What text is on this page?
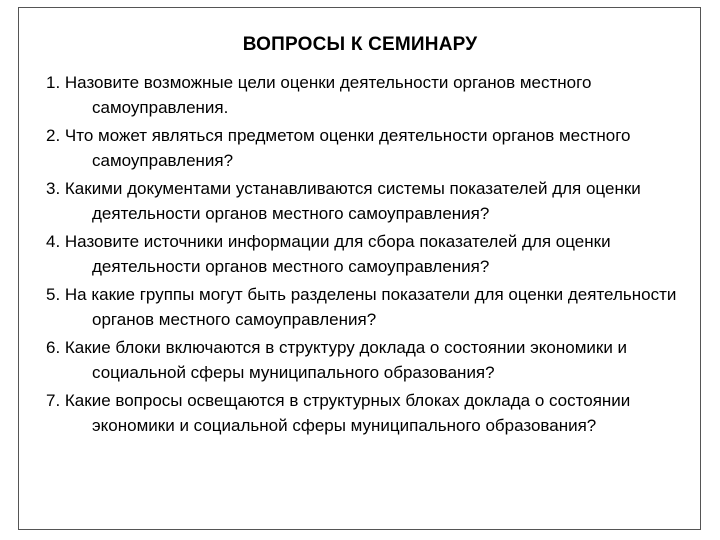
ВОПРОСЫ К СЕМИНАРУ
1. Назовите возможные цели оценки деятельности органов местного самоуправления.
2. Что может являться предметом оценки деятельности органов местного самоуправления?
3. Какими документами устанавливаются системы показателей для оценки деятельности органов местного самоуправления?
4. Назовите источники информации для сбора показателей для оценки деятельности органов местного самоуправления?
5. На какие группы могут быть разделены показатели для оценки деятельности органов местного самоуправления?
6. Какие блоки включаются в структуру доклада о состоянии экономики и социальной сферы муниципального образования?
7. Какие вопросы освещаются в структурных блоках доклада о состоянии экономики и социальной сферы муниципального образования?
